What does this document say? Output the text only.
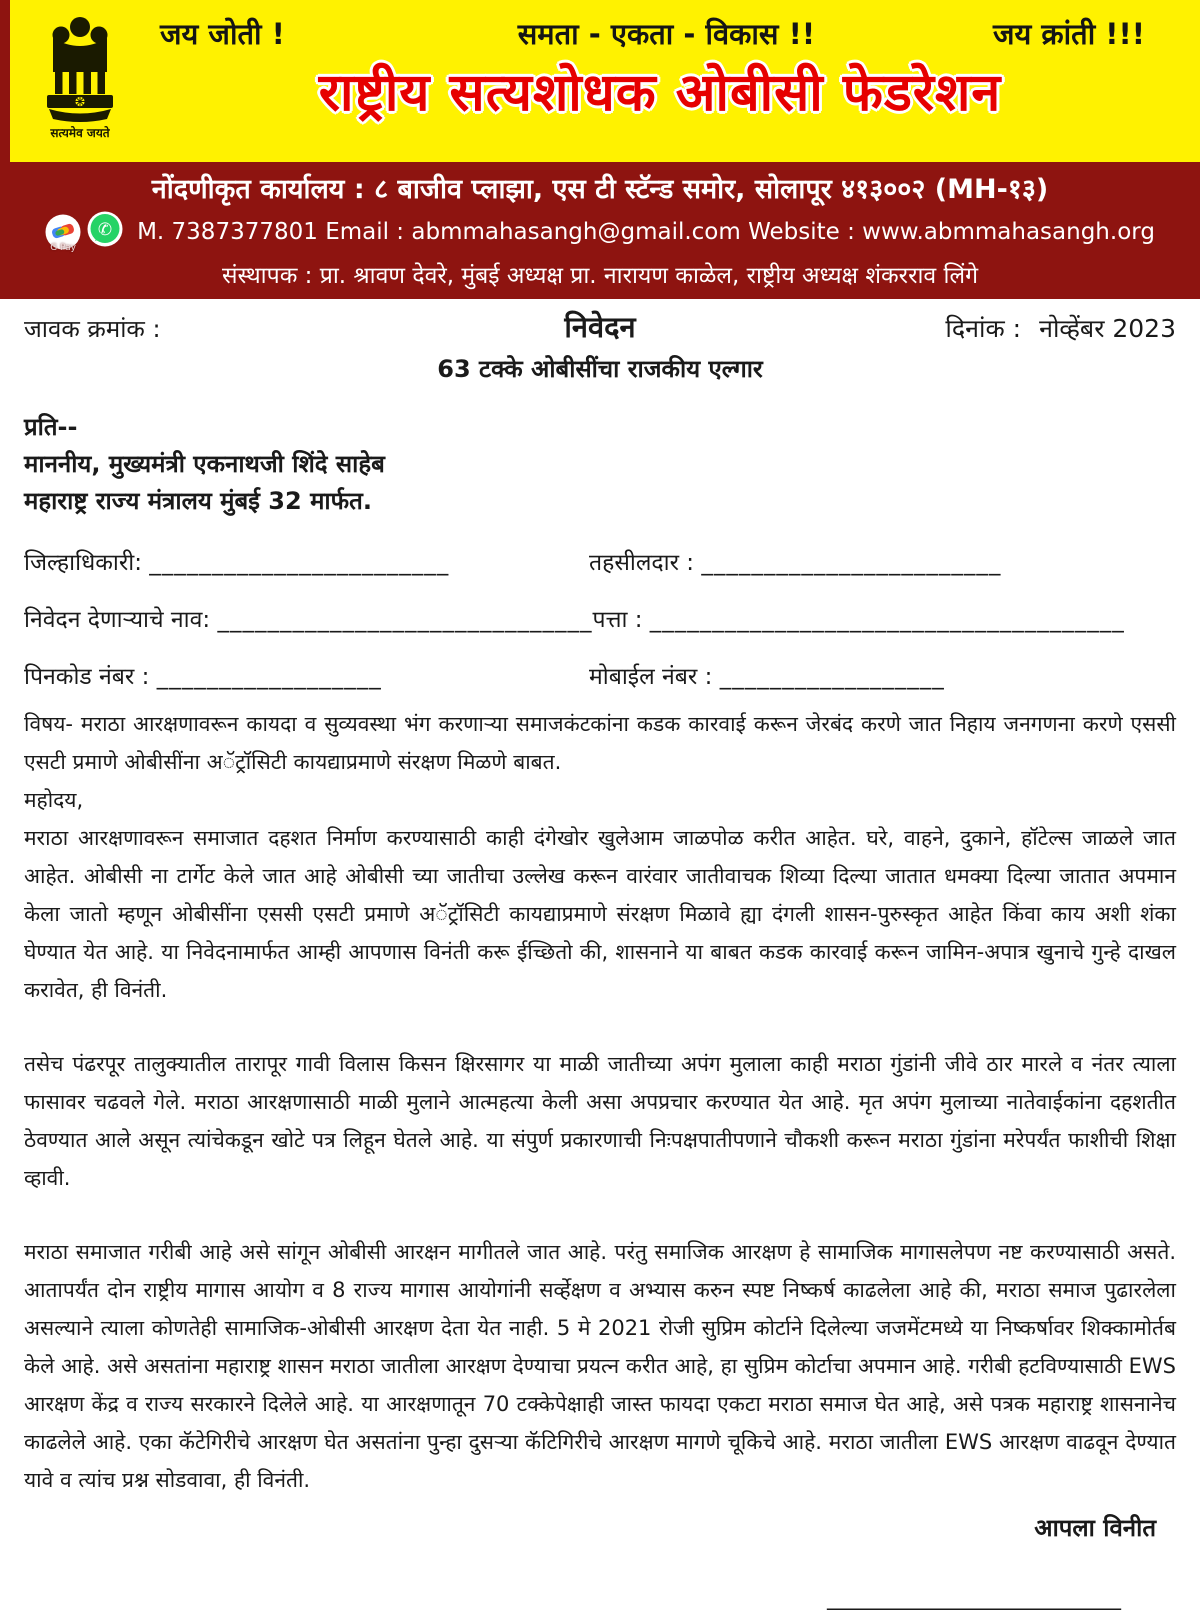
सत्यमेव जयते
जय जोती !	समता - एकता - विकास !!	जय क्रांती !!!
राष्ट्रीय सत्यशोधक ओबीसी फेडरेशन
नोंदणीकृत कार्यालय : ८ बाजीव प्लाझा, एस टी स्टॅन्ड समोर, सोलापूर ४१३००२ (MH-१३)
G Pay
✆ M. 7387377801 Email : abmmahasangh@gmail.com Website : www.abmmahasangh.org
संस्थापक : प्रा. श्रावण देवरे, मुंबई अध्यक्ष प्रा. नारायण काळेल, राष्ट्रीय अध्यक्ष शंकरराव लिंगे
जावक क्रमांक :	निवेदन	दिनांक : नोव्हेंबर 2023
63 टक्के ओबीसींचा राजकीय एल्गार
प्रति--
माननीय, मुख्यमंत्री एकनाथजी शिंदे साहेब
महाराष्ट्र राज्य मंत्रालय मुंबई 32 मार्फत.
जिल्हाधिकारी: ________________________	तहसीलदार : ________________________
निवेदन देणाऱ्याचे नाव: ______________________________ पत्ता : ______________________________________
पिनकोड नंबर : __________________	मोबाईल नंबर : __________________

विषय- मराठा आरक्षणावरून कायदा व सुव्यवस्था भंग करणाऱ्या समाजकंटकांना कडक कारवाई करून जेरबंद करणे जात निहाय जनगणना करणे एससी एसटी प्रमाणे ओबीसींना अॅट्रॉसिटी कायद्याप्रमाणे संरक्षण मिळणे बाबत.

महोदय,

मराठा आरक्षणावरून समाजात दहशत निर्माण करण्यासाठी काही दंगेखोर खुलेआम जाळपोळ करीत आहेत. घरे, वाहने, दुकाने, हॉटेल्स जाळले जात आहेत. ओबीसी ना टार्गेट केले जात आहे ओबीसी च्या जातीचा उल्लेख करून वारंवार जातीवाचक शिव्या दिल्या जातात धमक्या दिल्या जातात अपमान केला जातो म्हणून ओबीसींना एससी एसटी प्रमाणे अॅट्रॉसिटी कायद्याप्रमाणे संरक्षण मिळावे ह्या दंगली शासन-पुरुस्कृत आहेत किंवा काय अशी शंका घेण्यात येत आहे. या निवेदनामार्फत आम्ही आपणास विनंती करू ईच्छितो की, शासनाने या बाबत कडक कारवाई करून जामिन-अपात्र खुनाचे गुन्हे दाखल करावेत, ही विनंती.

तसेच पंढरपूर तालुक्यातील तारापूर गावी विलास किसन क्षिरसागर या माळी जातीच्या अपंग मुलाला काही मराठा गुंडांनी जीवे ठार मारले व नंतर त्याला फासावर चढवले गेले. मराठा आरक्षणासाठी माळी मुलाने आत्महत्या केली असा अपप्रचार करण्यात येत आहे. मृत अपंग मुलाच्या नातेवाईकांना दहशतीत ठेवण्यात आले असून त्यांचेकडून खोटे पत्र लिहून घेतले आहे. या संपुर्ण प्रकारणाची निःपक्षपातीपणाने चौकशी करून मराठा गुंडांना मरेपर्यंत फाशीची शिक्षा व्हावी.

मराठा समाजात गरीबी आहे असे सांगून ओबीसी आरक्षन मागीतले जात आहे. परंतु समाजिक आरक्षण हे सामाजिक मागासलेपण नष्ट करण्यासाठी असते. आतापर्यंत दोन राष्ट्रीय मागास आयोग व 8 राज्य मागास आयोगांनी सर्व्हेक्षण व अभ्यास करुन स्पष्ट निष्कर्ष काढलेला आहे की, मराठा समाज पुढारलेला असल्याने त्याला कोणतेही सामाजिक-ओबीसी आरक्षण देता येत नाही. 5 मे 2021 रोजी सुप्रिम कोर्टाने दिलेल्या जजमेंटमध्ये या निष्कर्षावर शिक्कामोर्तब केले आहे. असे असतांना महाराष्ट्र शासन मराठा जातीला आरक्षण देण्याचा प्रयत्न करीत आहे, हा सुप्रिम कोर्टाचा अपमान आहे. गरीबी हटविण्यासाठी EWS आरक्षण केंद्र व राज्य सरकारने दिलेले आहे. या आरक्षणातून 70 टक्केपेक्षाही जास्त फायदा एकटा मराठा समाज घेत आहे, असे पत्रक महाराष्ट्र शासनानेच काढलेले आहे. एका कॅटेगिरीचे आरक्षण घेत असतांना पुन्हा दुसऱ्या कॅटिगिरीचे आरक्षण मागणे चूकिचे आहे. मराठा जातीला EWS आरक्षण वाढवून देण्यात यावे व त्यांच प्रश्न सोडवावा, ही विनंती.

आपला विनीत
____________________________
